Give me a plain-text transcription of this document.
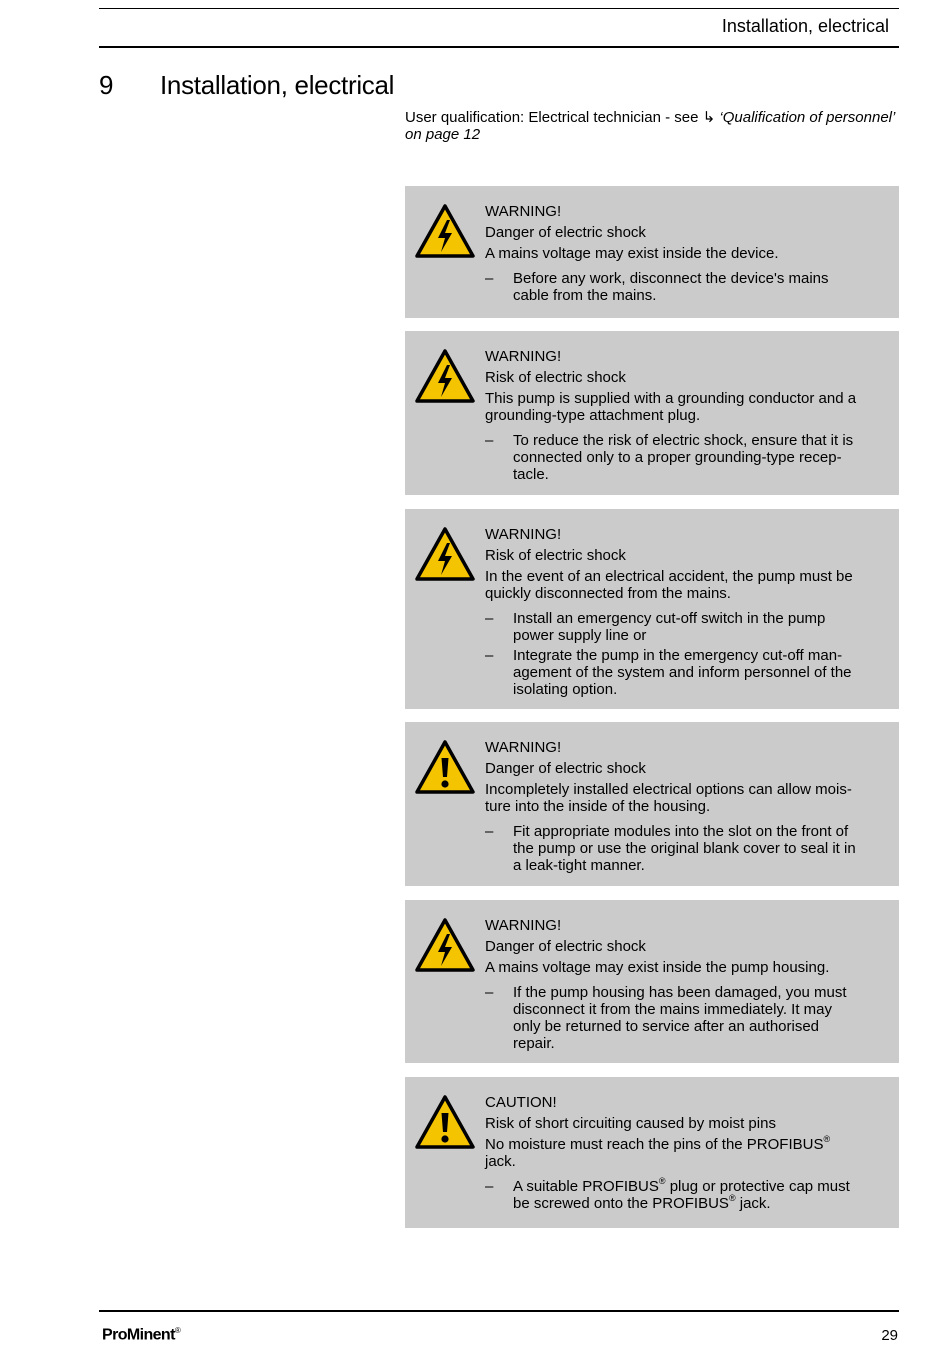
Installation, electrical
9 Installation, electrical
User qualification: Electrical technician - see ↳ ‘Qualification of personnel’ on page 12
WARNING!
Danger of electric shock
A mains voltage may exist inside the device.
– Before any work, disconnect the device's mains cable from the mains.
WARNING!
Risk of electric shock
This pump is supplied with a grounding conductor and a grounding-type attachment plug.
– To reduce the risk of electric shock, ensure that it is connected only to a proper grounding-type receptacle.
WARNING!
Risk of electric shock
In the event of an electrical accident, the pump must be quickly disconnected from the mains.
– Install an emergency cut-off switch in the pump power supply line or
– Integrate the pump in the emergency cut-off management of the system and inform personnel of the isolating option.
WARNING!
Danger of electric shock
Incompletely installed electrical options can allow moisture into the inside of the housing.
– Fit appropriate modules into the slot on the front of the pump or use the original blank cover to seal it in a leak-tight manner.
WARNING!
Danger of electric shock
A mains voltage may exist inside the pump housing.
– If the pump housing has been damaged, you must disconnect it from the mains immediately. It may only be returned to service after an authorised repair.
CAUTION!
Risk of short circuiting caused by moist pins
No moisture must reach the pins of the PROFIBUS® jack.
– A suitable PROFIBUS® plug or protective cap must be screwed onto the PROFIBUS® jack.
ProMinent®	29
